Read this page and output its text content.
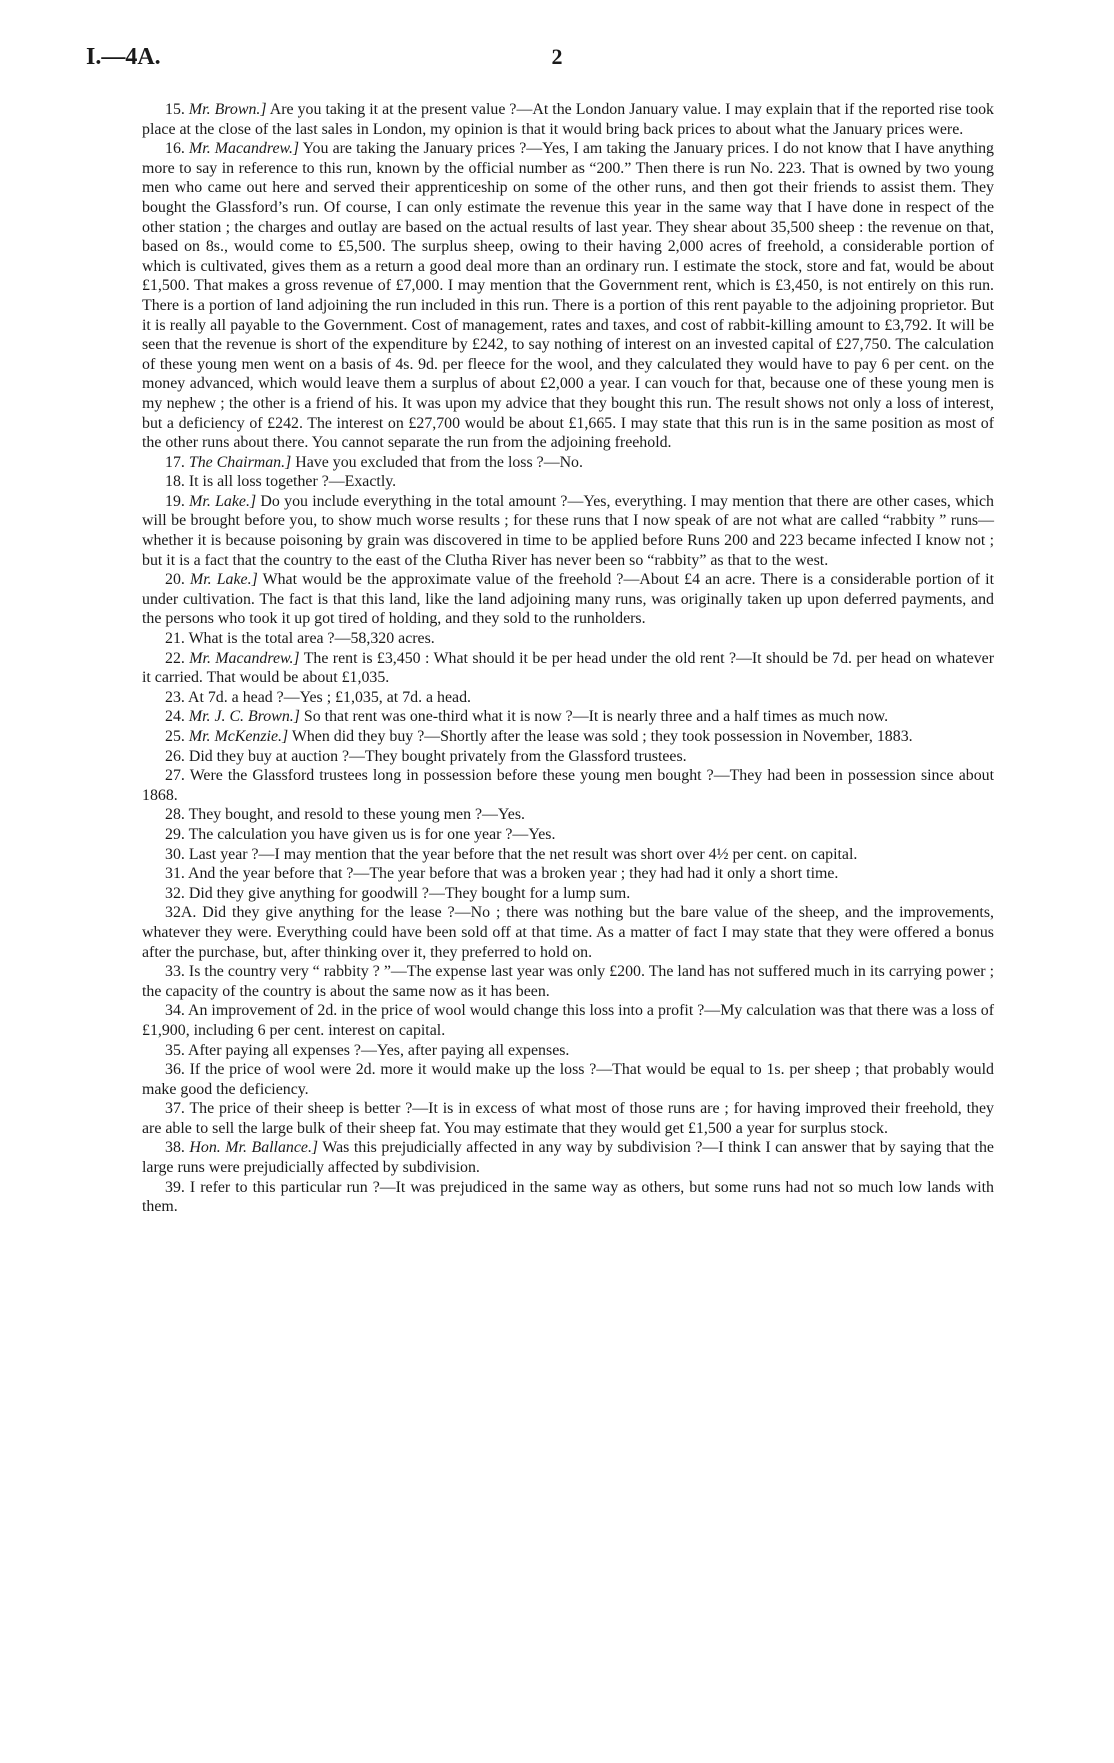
I.—4A.	2

15. Mr. Brown.] Are you taking it at the present value ?—At the London January value. I may explain that if the reported rise took place at the close of the last sales in London, my opinion is that it would bring back prices to about what the January prices were.

16. Mr. Macandrew.] You are taking the January prices ?—Yes, I am taking the January prices. I do not know that I have anything more to say in reference to this run, known by the official number as “200.” Then there is run No. 223. That is owned by two young men who came out here and served their apprenticeship on some of the other runs, and then got their friends to assist them. They bought the Glassford’s run. Of course, I can only estimate the revenue this year in the same way that I have done in respect of the other station ; the charges and outlay are based on the actual results of last year. They shear about 35,500 sheep : the revenue on that, based on 8s., would come to £5,500. The surplus sheep, owing to their having 2,000 acres of freehold, a considerable portion of which is cultivated, gives them as a return a good deal more than an ordinary run. I estimate the stock, store and fat, would be about £1,500. That makes a gross revenue of £7,000. I may mention that the Government rent, which is £3,450, is not entirely on this run. There is a portion of land adjoining the run included in this run. There is a portion of this rent payable to the adjoining proprietor. But it is really all payable to the Government. Cost of management, rates and taxes, and cost of rabbit-killing amount to £3,792. It will be seen that the revenue is short of the expenditure by £242, to say nothing of interest on an invested capital of £27,750. The calculation of these young men went on a basis of 4s. 9d. per fleece for the wool, and they calculated they would have to pay 6 per cent. on the money advanced, which would leave them a surplus of about £2,000 a year. I can vouch for that, because one of these young men is my nephew ; the other is a friend of his. It was upon my advice that they bought this run. The result shows not only a loss of interest, but a deficiency of £242. The interest on £27,700 would be about £1,665. I may state that this run is in the same position as most of the other runs about there. You cannot separate the run from the adjoining freehold.

17. The Chairman.] Have you excluded that from the loss ?—No.

18. It is all loss together ?—Exactly.

19. Mr. Lake.] Do you include everything in the total amount ?—Yes, everything. I may mention that there are other cases, which will be brought before you, to show much worse results ; for these runs that I now speak of are not what are called “rabbity ” runs—whether it is because poisoning by grain was discovered in time to be applied before Runs 200 and 223 became infected I know not ; but it is a fact that the country to the east of the Clutha River has never been so “rabbity” as that to the west.

20. Mr. Lake.] What would be the approximate value of the freehold ?—About £4 an acre. There is a considerable portion of it under cultivation. The fact is that this land, like the land adjoining many runs, was originally taken up upon deferred payments, and the persons who took it up got tired of holding, and they sold to the runholders.

21. What is the total area ?—58,320 acres.

22. Mr. Macandrew.] The rent is £3,450 : What should it be per head under the old rent ?—It should be 7d. per head on whatever it carried. That would be about £1,035.

23. At 7d. a head ?—Yes ; £1,035, at 7d. a head.

24. Mr. J. C. Brown.] So that rent was one-third what it is now ?—It is nearly three and a half times as much now.

25. Mr. McKenzie.] When did they buy ?—Shortly after the lease was sold ; they took possession in November, 1883.

26. Did they buy at auction ?—They bought privately from the Glassford trustees.

27. Were the Glassford trustees long in possession before these young men bought ?—They had been in possession since about 1868.

28. They bought, and resold to these young men ?—Yes.

29. The calculation you have given us is for one year ?—Yes.

30. Last year ?—I may mention that the year before that the net result was short over 4½ per cent. on capital.

31. And the year before that ?—The year before that was a broken year ; they had had it only a short time.

32. Did they give anything for goodwill ?—They bought for a lump sum.

32A. Did they give anything for the lease ?—No ; there was nothing but the bare value of the sheep, and the improvements, whatever they were. Everything could have been sold off at that time. As a matter of fact I may state that they were offered a bonus after the purchase, but, after thinking over it, they preferred to hold on.

33. Is the country very “ rabbity ? ”—The expense last year was only £200. The land has not suffered much in its carrying power ; the capacity of the country is about the same now as it has been.

34. An improvement of 2d. in the price of wool would change this loss into a profit ?—My calculation was that there was a loss of £1,900, including 6 per cent. interest on capital.

35. After paying all expenses ?—Yes, after paying all expenses.

36. If the price of wool were 2d. more it would make up the loss ?—That would be equal to 1s. per sheep ; that probably would make good the deficiency.

37. The price of their sheep is better ?—It is in excess of what most of those runs are ; for having improved their freehold, they are able to sell the large bulk of their sheep fat. You may estimate that they would get £1,500 a year for surplus stock.

38. Hon. Mr. Ballance.] Was this prejudicially affected in any way by subdivision ?—I think I can answer that by saying that the large runs were prejudicially affected by subdivision.

39. I refer to this particular run ?—It was prejudiced in the same way as others, but some runs had not so much low lands with them.
